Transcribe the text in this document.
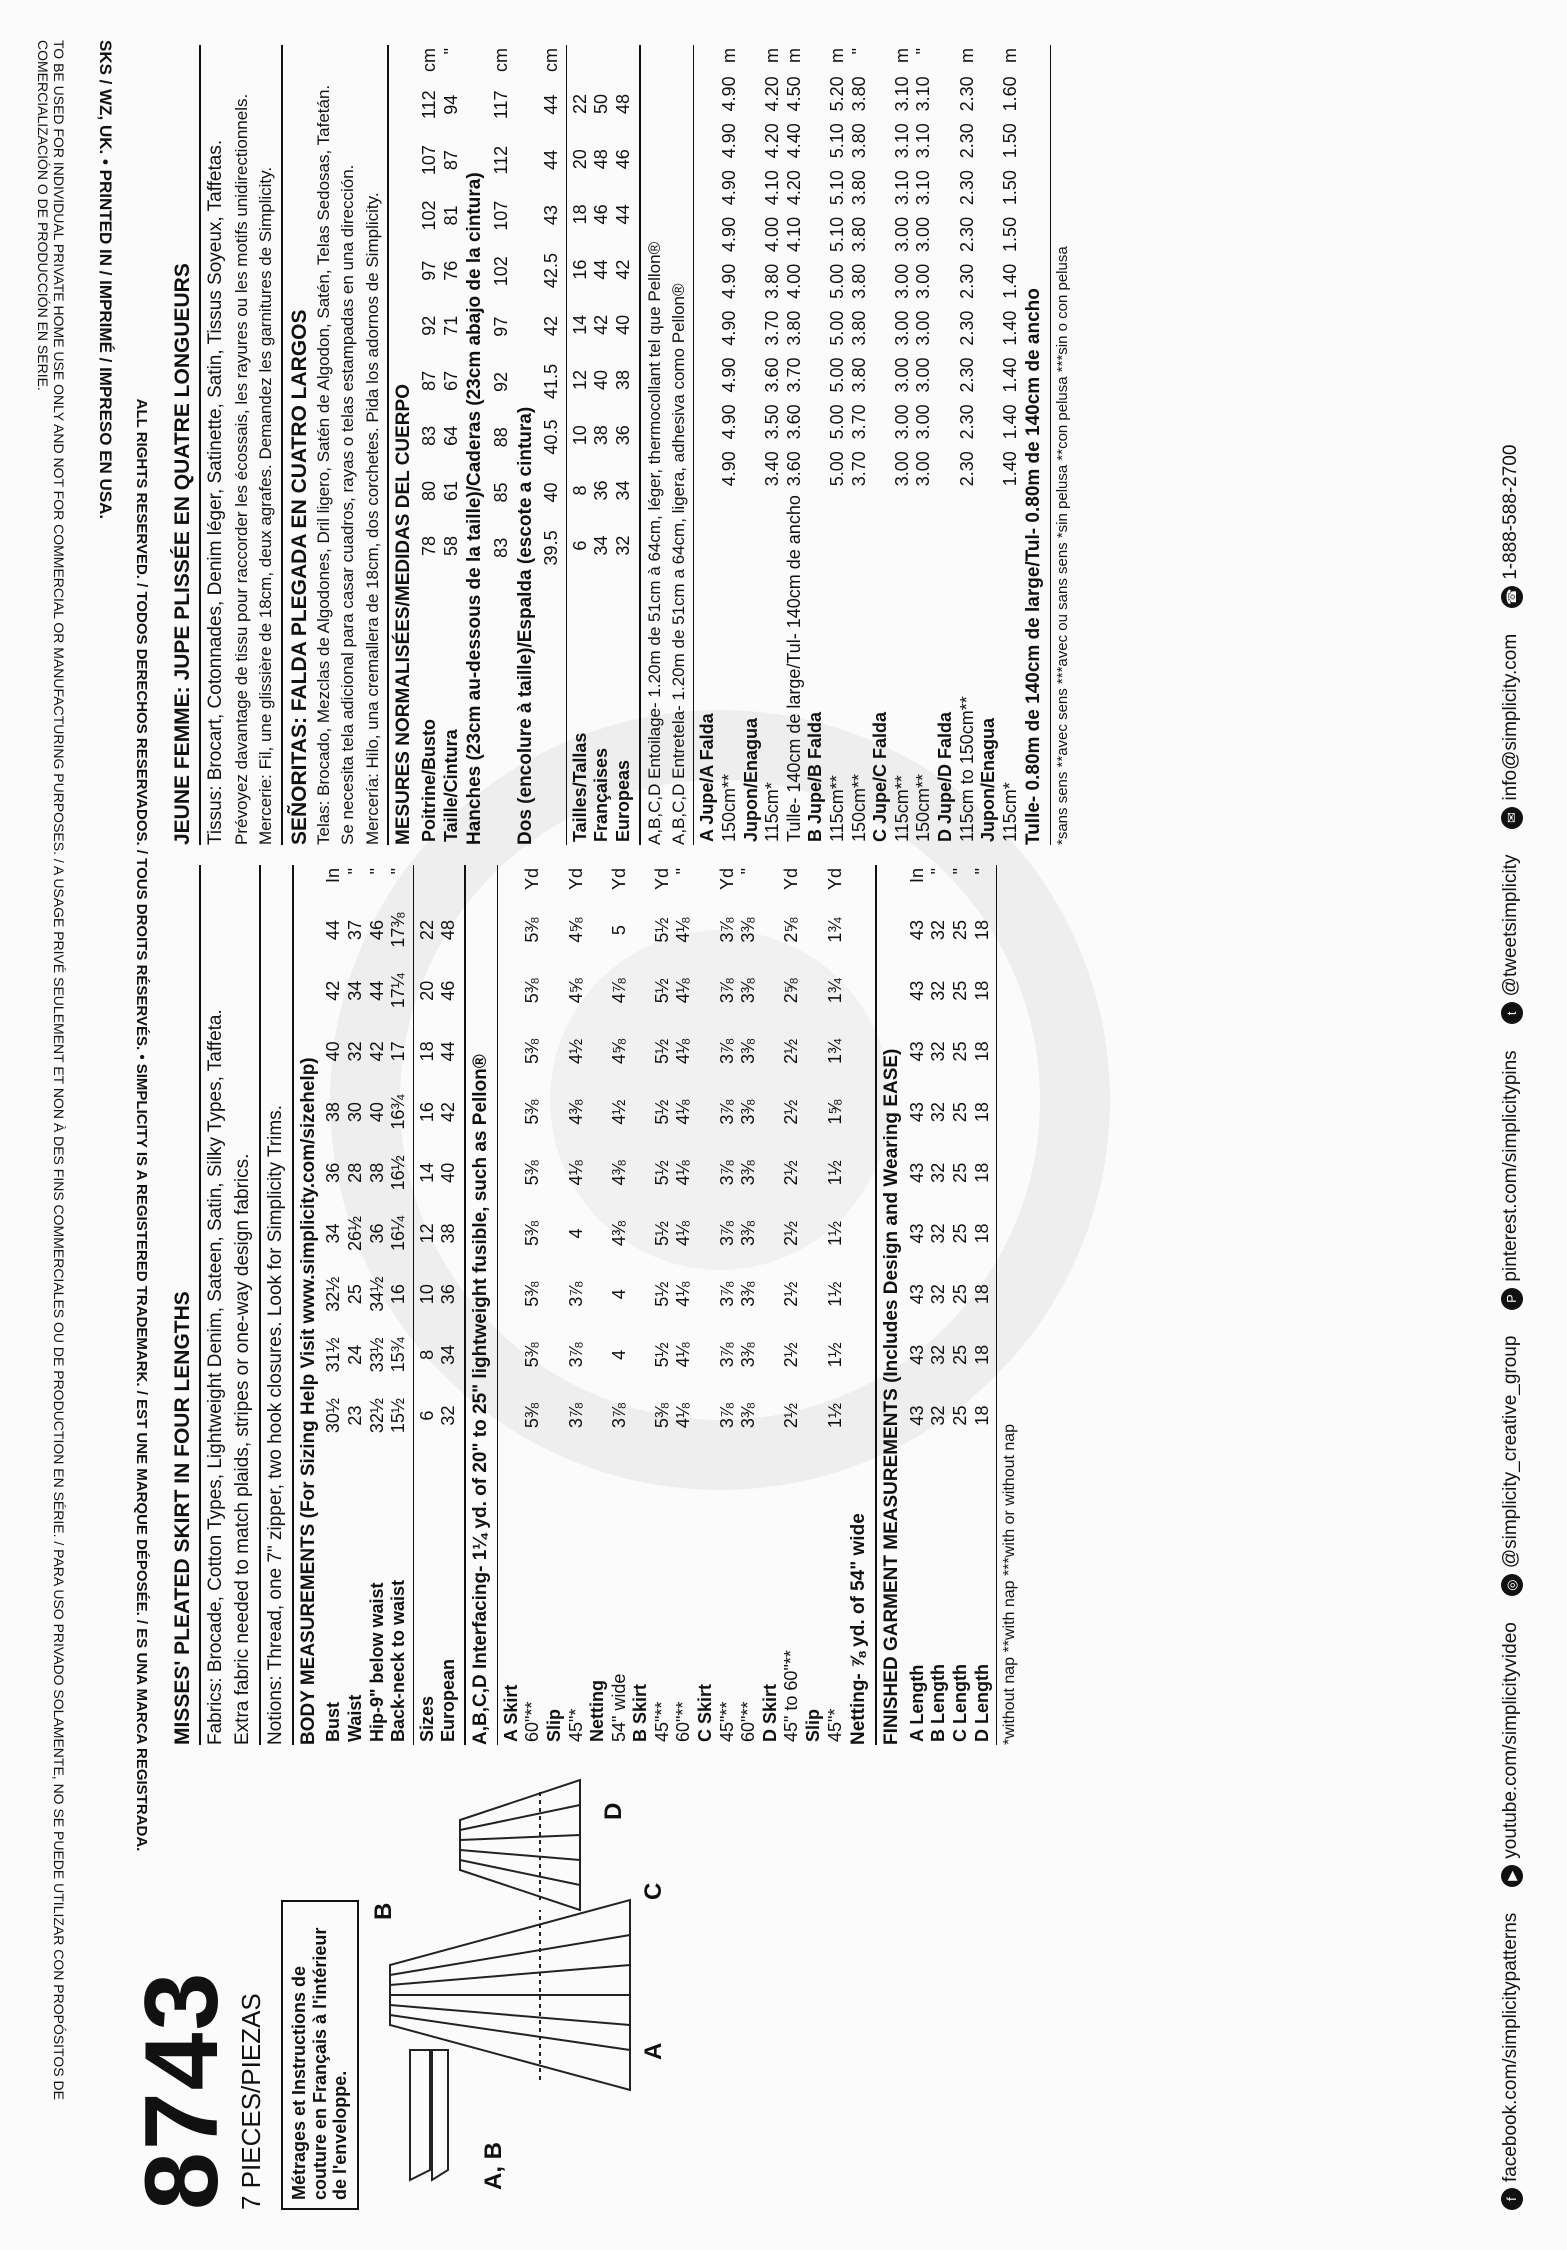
8743
7 PIECES/PIEZAS	Métrages et Instructions de couture en Français à l'intérieur de l'enveloppe.	A, B
A
B
D
C
MISSES' PLEATED SKIRT IN FOUR LENGTHS Fabrics: Brocade, Cotton Types, Lightweight Denim, Sateen, Satin, Silky Types, Taffeta. Extra fabric needed to match plaids, stripes or one-way design fabrics. Notions: Thread, one 7" zipper, two hook closures. Look for Simplicity Trims. BODY MEASUREMENTS (For Sizing Help Visit www.simplicity.com/sizehelp) Bust	30½	31½	32½	34	36	38	40	42	44	In
Waist	23	24	25	26½	28	30	32	34	37	"
Hip-9" below waist	32½	33½	34½	36	38	40	42	44	46	"
Back-neck to waist	15½	15¾	16	16¼	16½	16¾	17	17¼	17⅜	"
Sizes	6	8	10	12	14	16	18	20	22	
European	32	34	36	38	40	42	44	46	48	
A,B,C,D Interfacing- 1¼ yd. of 20" to 25" lightweight fusible, such as Pellon® A Skirt										
60"**	5⅜	5⅜	5⅜	5⅜	5⅜	5⅜	5⅜	5⅜	5⅜	Yd
Slip										
45"*	3⅞	3⅞	3⅞	4	4⅛	4⅜	4½	4⅝	4⅝	Yd
Netting										
54" wide	3⅞	4	4	4⅜	4⅜	4½	4⅝	4⅞	5	Yd
B Skirt										
45"**	5⅜	5½	5½	5½	5½	5½	5½	5½	5½	Yd
60"**	4⅛	4⅛	4⅛	4⅛	4⅛	4⅛	4⅛	4⅛	4⅛	"
C Skirt										
45"**	3⅞	3⅞	3⅞	3⅞	3⅞	3⅞	3⅞	3⅞	3⅞	Yd
60"**	3⅜	3⅜	3⅜	3⅜	3⅜	3⅜	3⅜	3⅜	3⅜	"
D Skirt										
45" to 60"**	2½	2½	2½	2½	2½	2½	2½	2⅝	2⅝	Yd
Slip										
45"*	1½	1½	1½	1½	1½	1⅝	1¾	1¾	1¾	Yd
Netting- ⅞ yd. of 54" wide FINISHED GARMENT MEASUREMENTS (Includes Design and Wearing EASE) A Length	43	43	43	43	43	43	43	43	43	In
B Length	32	32	32	32	32	32	32	32	32	"
C Length	25	25	25	25	25	25	25	25	25	"
D Length	18	18	18	18	18	18	18	18	18	"
*without nap **with nap ***with or without nap
JEUNE FEMME: JUPE PLISSÉE EN QUATRE LONGUEURS Tissus: Brocart, Cotonnades, Denim léger, Satinette, Satin, Tissus Soyeux, Taffetas. Prévoyez davantage de tissu pour raccorder les écossais, les rayures ou les motifs unidirectionnels. Mercerie: Fil, une glissière de 18cm, deux agrafes. Demandez les garnitures de Simplicity. SEÑORITAS: FALDA PLEGADA EN CUATRO LARGOS Telas: Brocado, Mezclas de Algodones, Dril ligero, Satén de Algodon, Satén, Telas Sedosas, Tafetán. Se necesita tela adicional para casar cuadros, rayas o telas estampadas en una dirección. Mercería: Hilo, una cremallera de 18cm, dos corchetes. Pida los adornos de Simplicity. MESURES NORMALISÉES/MEDIDAS DEL CUERPO Poitrine/Busto	78	80	83	87	92	97	102	107	112	cm
Taille/Cintura	58	61	64	67	71	76	81	87	94	"
Hanches (23cm au-dessous de la taille)/Caderas (23cm abajo de la cintura)
	83	85	88	92	97	102	107	112	117	cm
Dos (encolure à taille)/Espalda (escote a cintura)
	39.5	40	40.5	41.5	42	42.5	43	44	44	cm
Tailles/Tallas	6	8	10	12	14	16	18	20	22	
Françaises	34	36	38	40	42	44	46	48	50	
Europeas	32	34	36	38	40	42	44	46	48	
A,B,C,D Entoilage- 1.20m de 51cm à 64cm, léger, thermocollant tel que Pellon® A,B,C,D Entretela- 1.20m de 51cm a 64cm, ligera, adhesiva como Pellon® A Jupe/A Falda										
150cm**	4.90	4.90	4.90	4.90	4.90	4.90	4.90	4.90	4.90	m
Jupon/Enagua										
115cm*	3.40	3.50	3.60	3.70	3.80	4.00	4.10	4.20	4.20	m
Tulle- 140cm de large/Tul- 140cm de ancho	3.60	3.60	3.70	3.80	4.00	4.10	4.20	4.40	4.50	m
B Jupe/B Falda										
115cm**	5.00	5.00	5.00	5.00	5.00	5.10	5.10	5.10	5.20	m
150cm**	3.70	3.70	3.80	3.80	3.80	3.80	3.80	3.80	3.80	"
C Jupe/C Falda										
115cm**	3.00	3.00	3.00	3.00	3.00	3.00	3.10	3.10	3.10	m
150cm**	3.00	3.00	3.00	3.00	3.00	3.00	3.10	3.10	3.10	"
D Jupe/D Falda										
115cm to 150cm**	2.30	2.30	2.30	2.30	2.30	2.30	2.30	2.30	2.30	m
Jupon/Enagua										
115cm*	1.40	1.40	1.40	1.40	1.40	1.50	1.50	1.50	1.60	m
Tulle- 0.80m de 140cm de large/Tul- 0.80m de 140cm de ancho *sans sens **avec sens ***avec ou sans sens *sin pelusa **con pelusa ***sin o con pelusa
ALL RIGHTS RESERVED. / TODOS DERECHOS RESERVADOS. / TOUS DROITS RÉSERVÉS. • SIMPLICITY IS A REGISTERED TRADEMARK. / EST UNE MARQUE DÉPOSÉE. / ES UNA MARCA REGISTRADA.
SKS / WZ, UK. • PRINTED IN / IMPRIMÉ / IMPRESO EN USA.
TO BE USED FOR INDIVIDUAL PRIVATE HOME USE ONLY AND NOT FOR COMMERCIAL OR MANUFACTURING PURPOSES. / A USAGE PRIVÉ SEULEMENT ET NON À DES FINS COMMERCIALES OU DE PRODUCTION EN SÉRIE. / PARA USO PRIVADO SOLAMENTE, NO SE PUEDE UTILIZAR CON PROPÓSITOS DE COMERCIALIZACIÓN O DE PRODUCCIÓN EN SERIE.
ffacebook.com/simplicitypatterns
▶youtube.com/simplicityvideo
◎@simplicity_creative_group
Ppinterest.com/simplicitypins
t@tweetsimplicity
✉info@simplicity.com
☎1-888-588-2700
